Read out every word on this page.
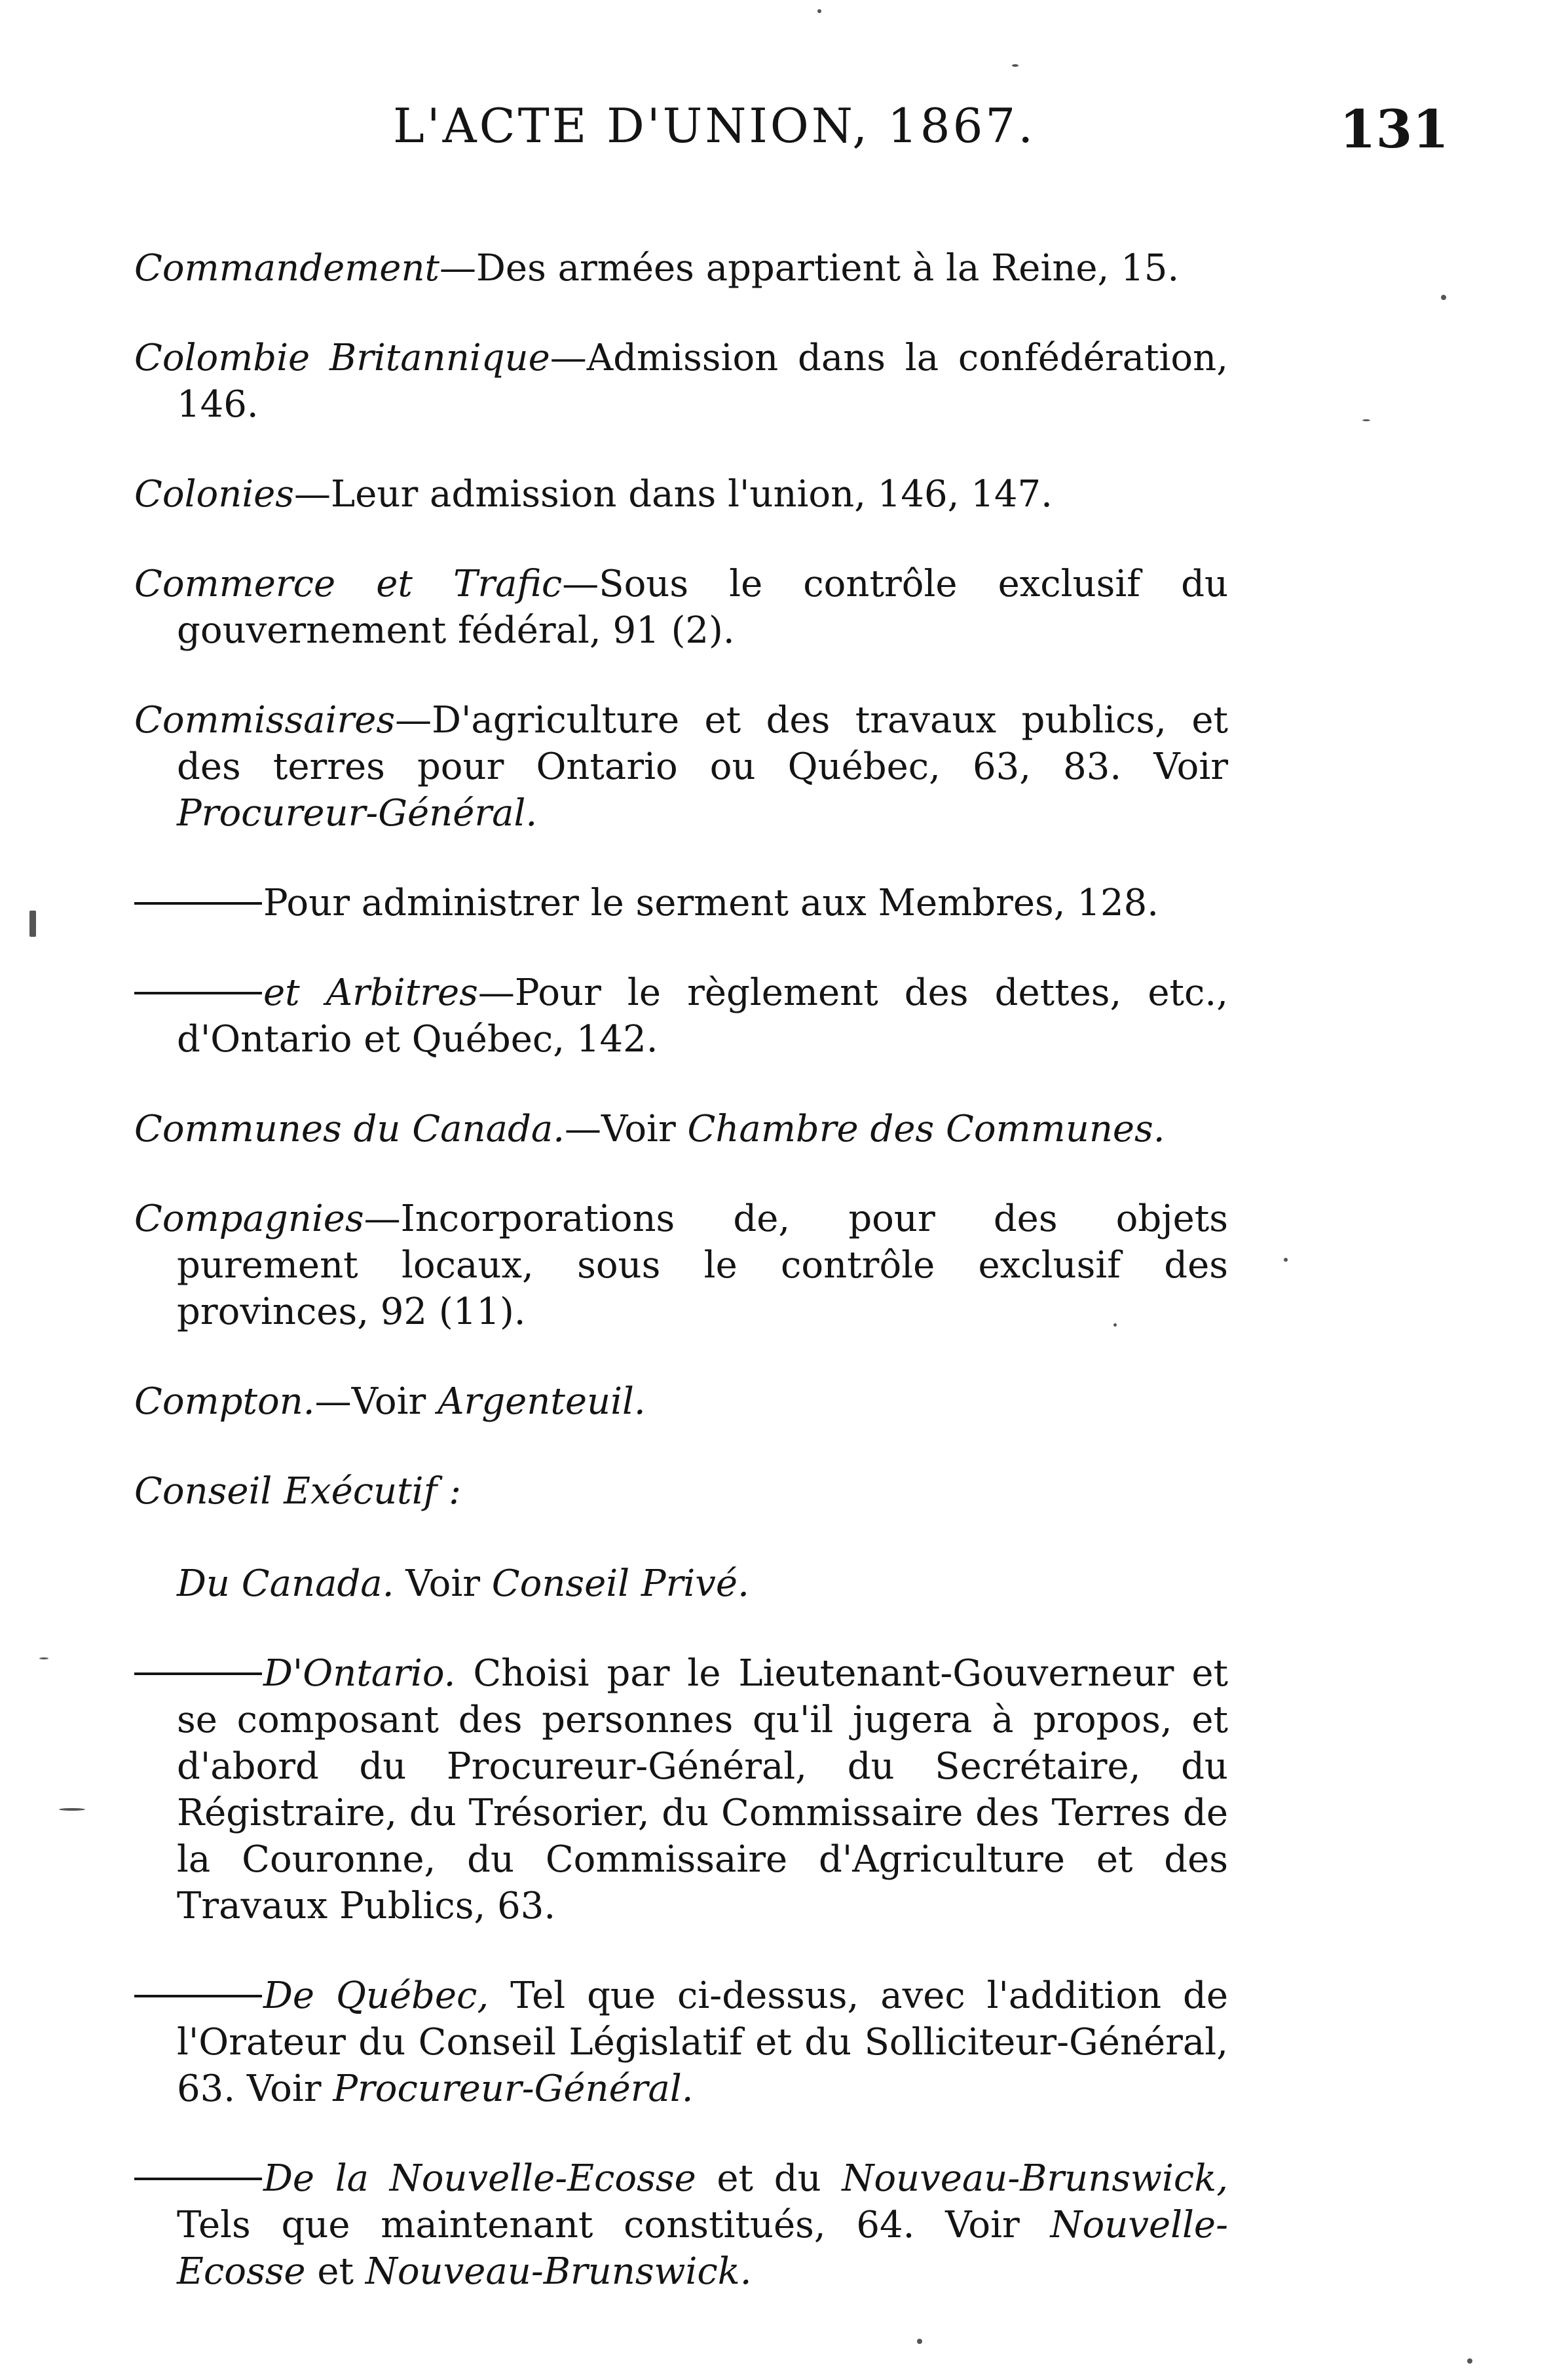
L'ACTE D'UNION, 1867.	131

Commandement—Des armées appartient à la Reine, 15.

Colombie Britannique—Admission dans la confédération, 146.

Colonies—Leur admission dans l'union, 146, 147.

Commerce et Trafic—Sous le contrôle exclusif du gouvernement fédéral, 91 (2).

Commissaires—D'agriculture et des travaux publics, et des terres pour Ontario ou Québec, 63, 83. Voir Procureur-Général.

Pour administrer le serment aux Membres, 128.

et Arbitres—Pour le règlement des dettes, etc., d'Ontario et Québec, 142.

Communes du Canada.—Voir Chambre des Communes.

Compagnies—Incorporations de, pour des objets purement locaux, sous le contrôle exclusif des provinces, 92 (11).

Compton.—Voir Argenteuil.

Conseil Exécutif :

Du Canada. Voir Conseil Privé.

D'Ontario. Choisi par le Lieutenant-Gouverneur et se composant des personnes qu'il jugera à propos, et d'abord du Procureur-Général, du Secrétaire, du Régistraire, du Trésorier, du Commissaire des Terres de la Couronne, du Commissaire d'Agriculture et des Travaux Publics, 63.

De Québec, Tel que ci-dessus, avec l'addition de l'Orateur du Conseil Législatif et du Solliciteur-Général, 63. Voir Procureur-Général.

De la Nouvelle-Ecosse et du Nouveau-Brunswick, Tels que maintenant constitués, 64. Voir Nouvelle-Ecosse et Nouveau-Brunswick.
